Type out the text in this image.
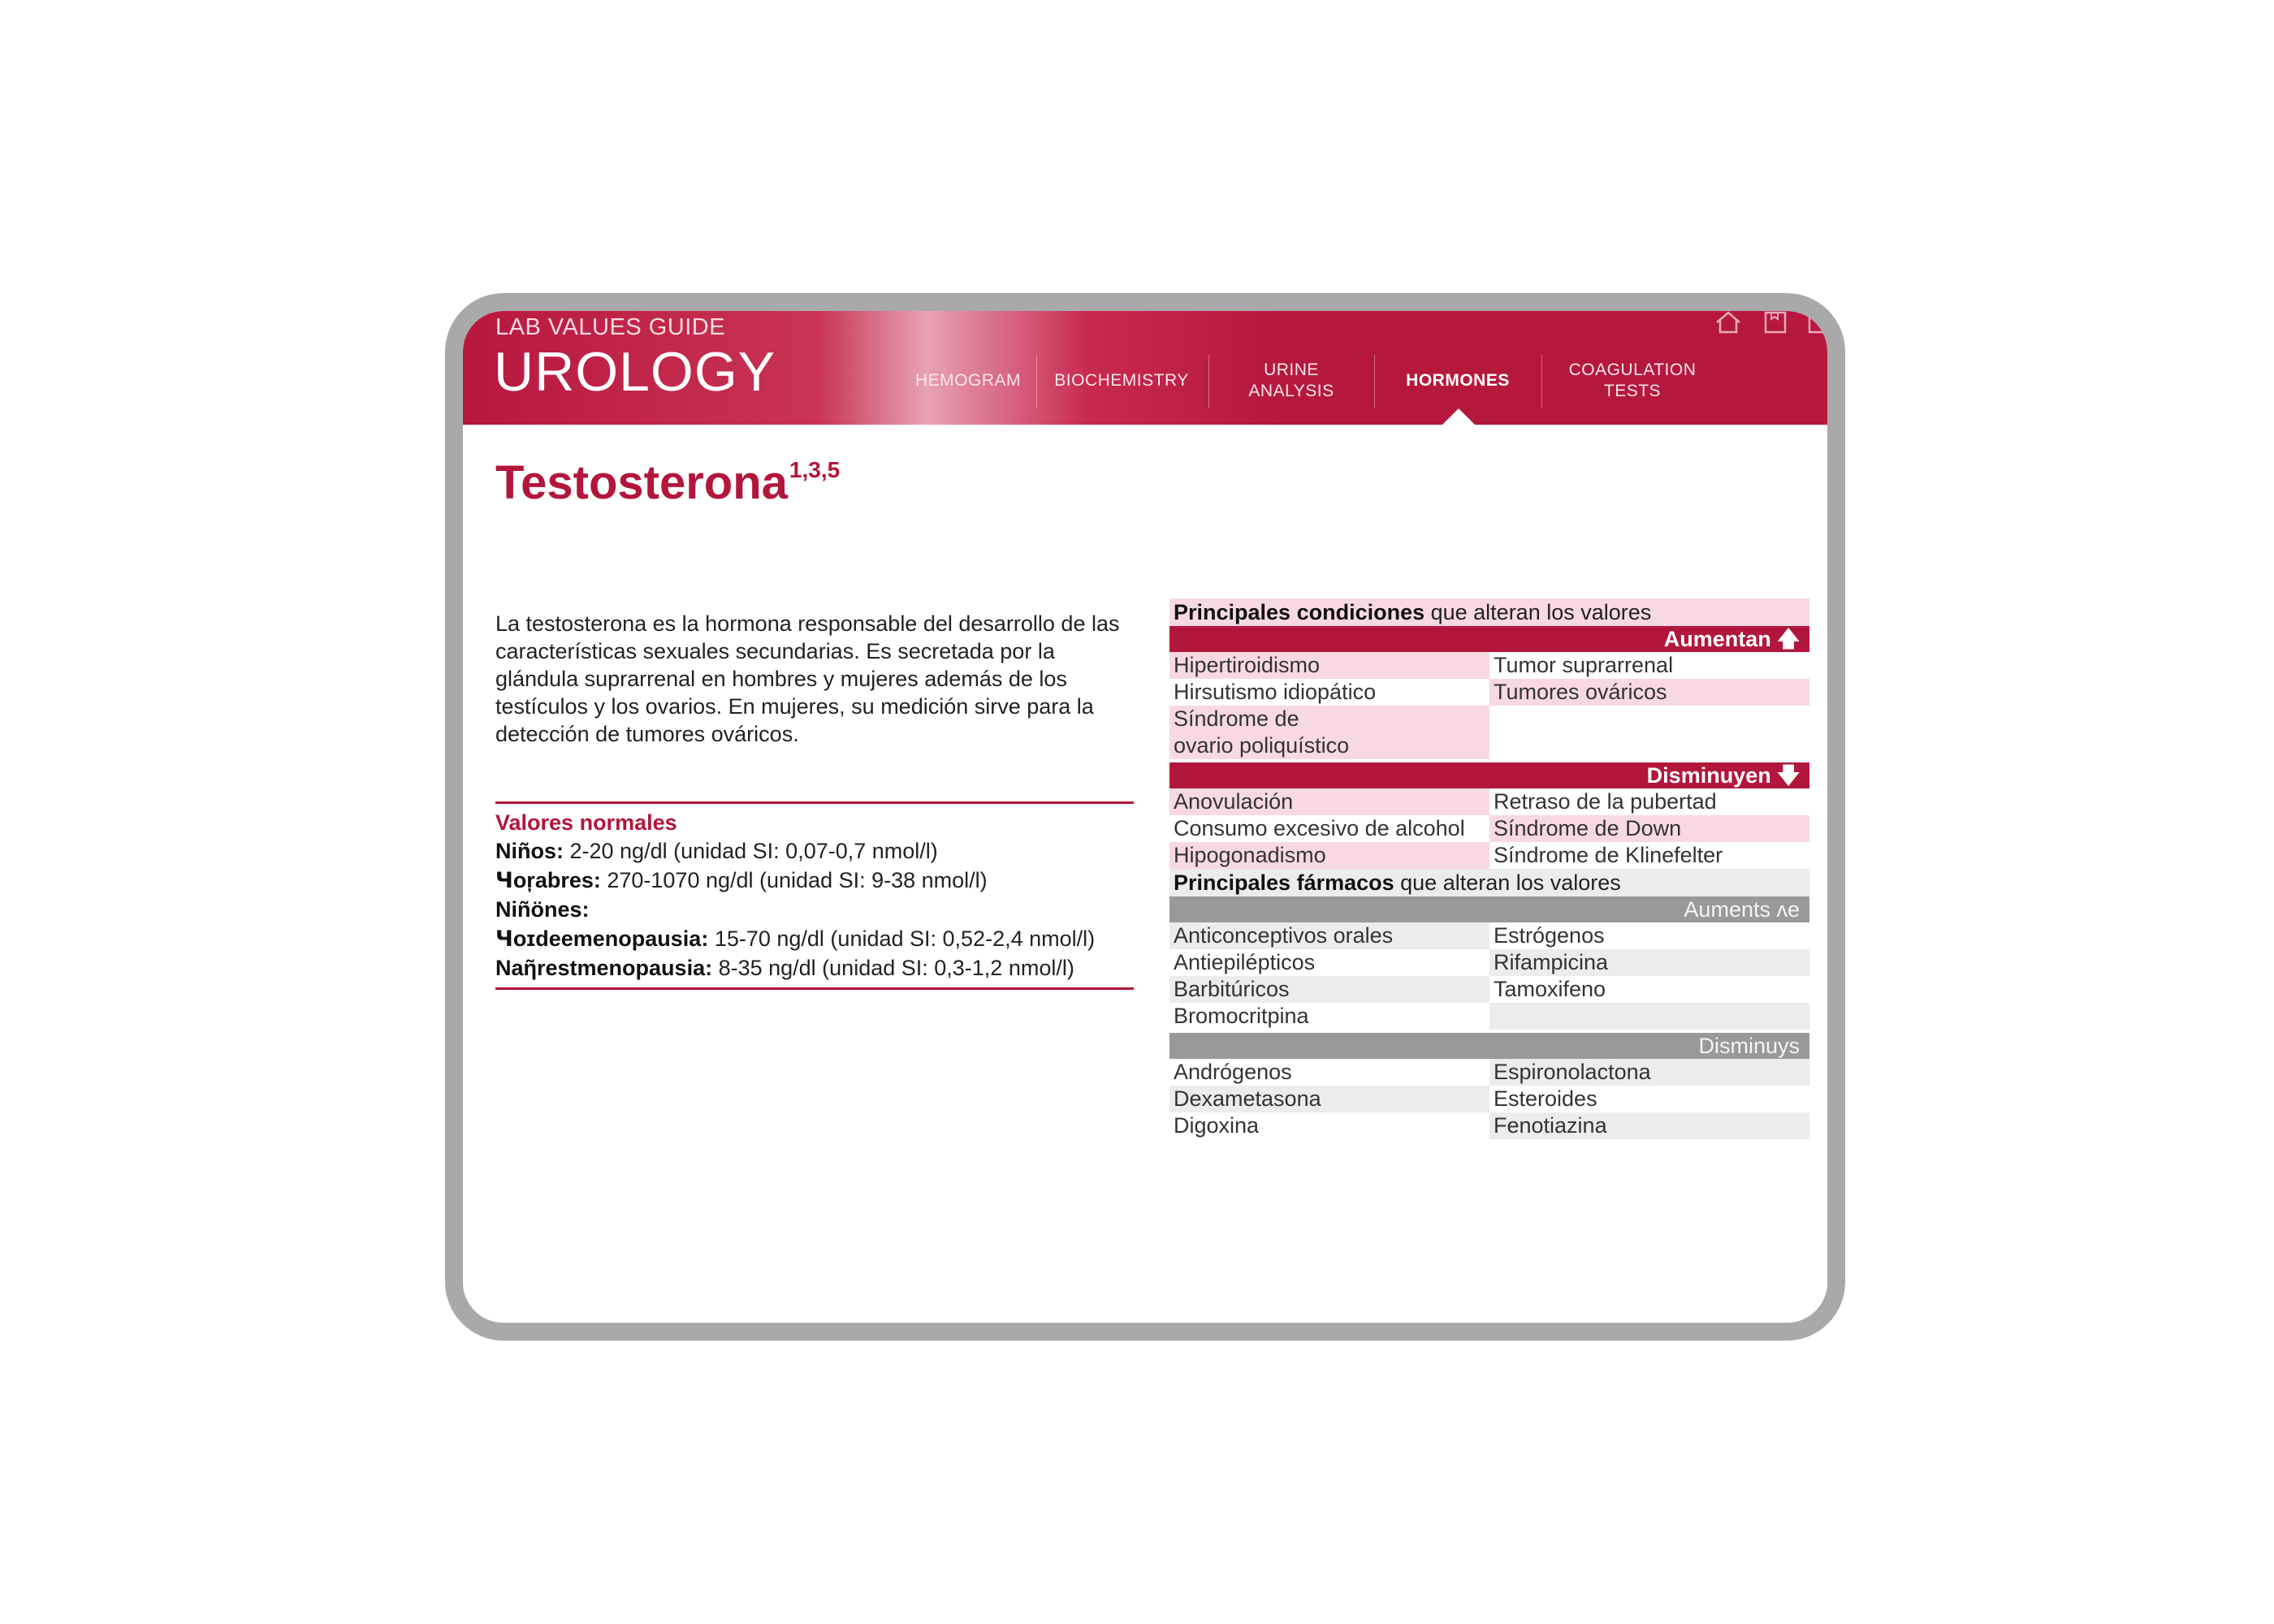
LAB VALUES GUIDE
UROLOGY	HEMOGRAM BIOCHEMISTRY
URINE
ANALYSIS
HORMONES
COAGULATION
TESTS
Testosterona$^{1,3,5}$
La testosterona es la hormona responsable del desarrollo de las características sexuales secundarias. Es secretada por la glándula suprarrenal en hombres y mujeres además de los testículos y los ovarios. En mujeres, su medición sirve para la detección de tumores ováricos.
Valores normales
Niños: 2-20 ng/dl (unidad SI: 0,07-0,7 nmol/l)
Ɥoŗabres: 270-1070 ng/dl (unidad SI: 9-38 nmol/l)
Niñönes:
Ɥoɪdeemenopausia: 15-70 ng/dl (unidad SI: 0,52-2,4 nmol/l)
Naῆrestmenopausia: 8-35 ng/dl (unidad SI: 0,3-1,2 nmol/l)
Principales condiciones que alteran los valores
Aumentan 🡅
Hipertiroidismo	Tumor suprarrenal
Hirsutismo idiopático	Tumores ováricos
Síndrome de
ovario poliquístico
Disminuyen 🡇
Anovulación	Retraso de la pubertad
Consumo excesivo de alcohol	Síndrome de Down
Hipogonadismo	Síndrome de Klinefelter
Principales fármacos que alteran los valores
Auments ʌе
Anticonceptivos orales	Estrógenos
Antiepilépticos	Rifampicina
Barbitúricos	Tamoxifeno
Bromocritpina
Disminuys
Andrógenos	Espironolactona
Dexametasona	Esteroides
Digoxina	Fenotiazina
